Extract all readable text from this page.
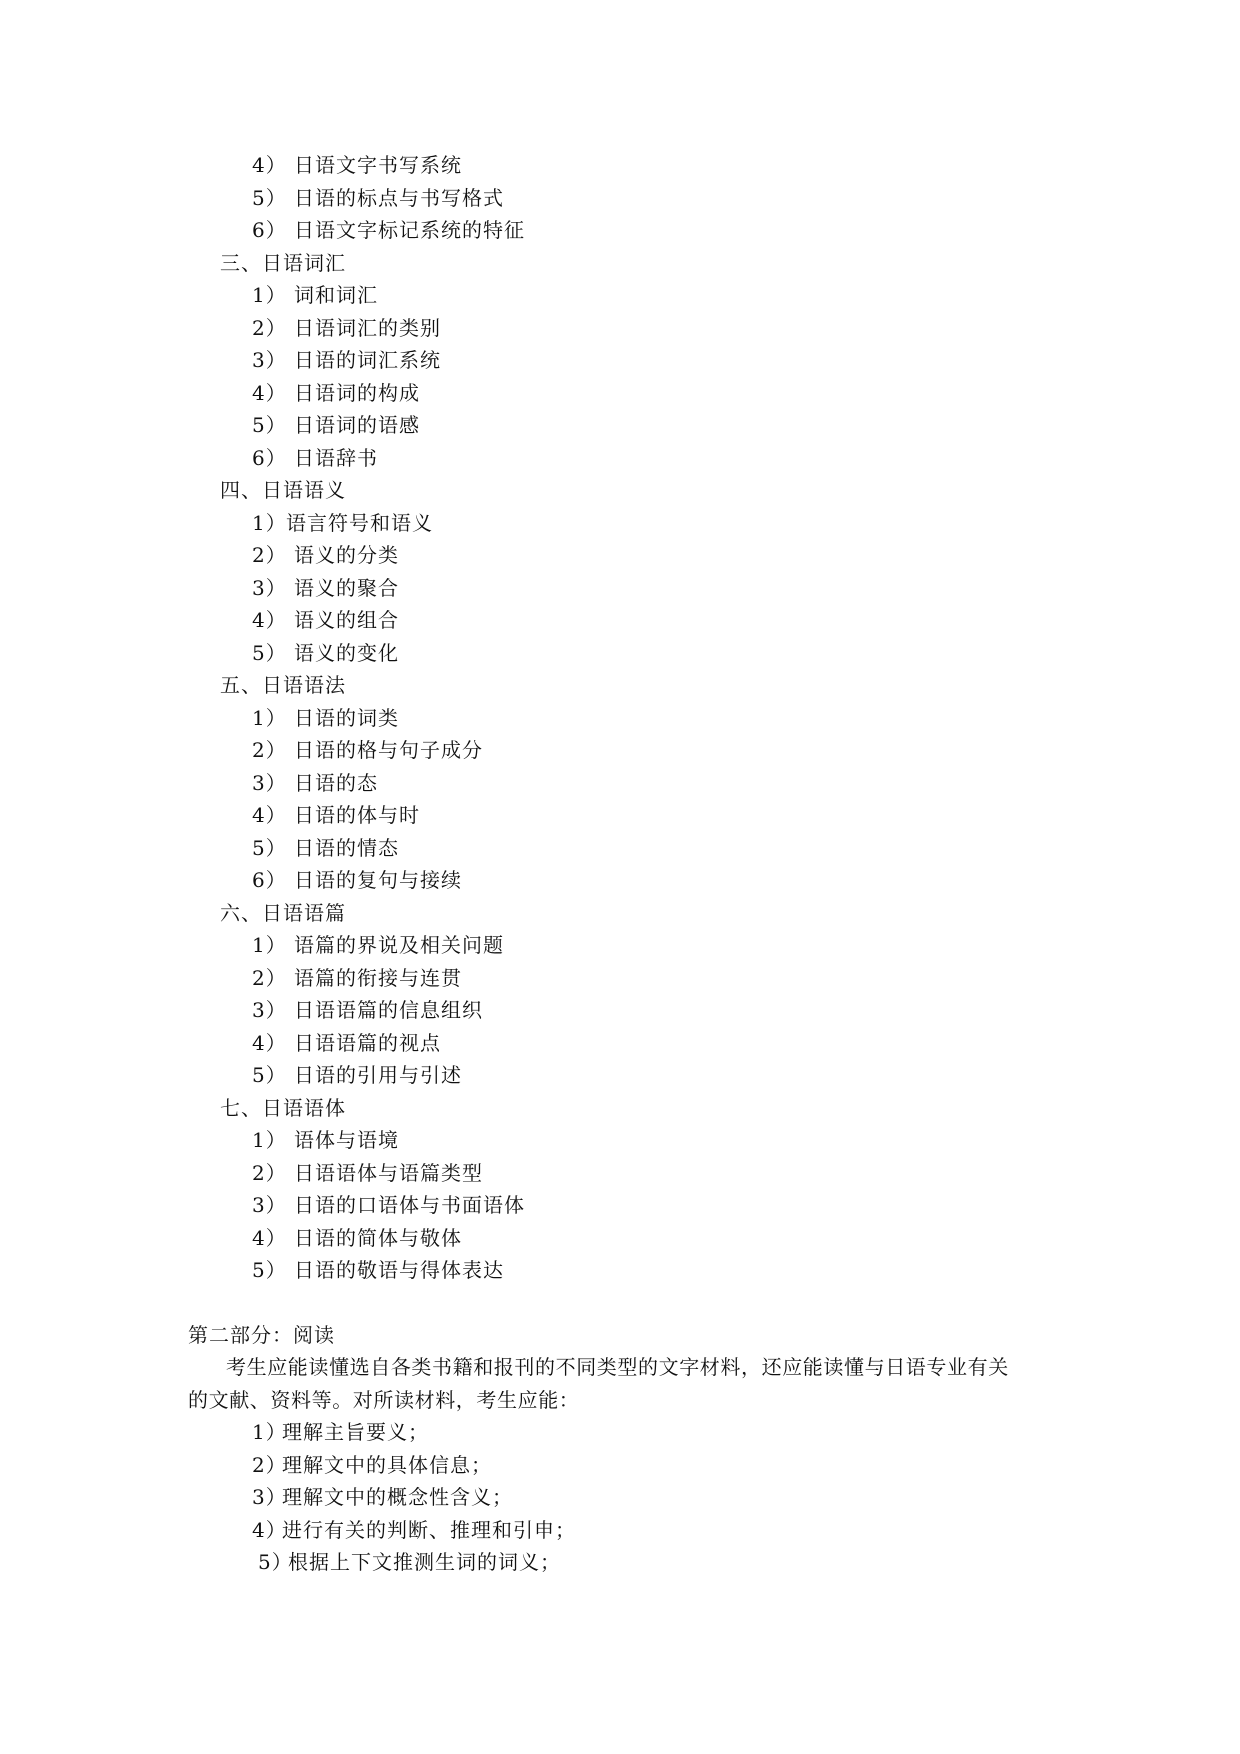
4） 日语文字书写系统
5） 日语的标点与书写格式
6） 日语文字标记系统的特征
三、日语词汇
1） 词和词汇
2） 日语词汇的类别
3） 日语的词汇系统
4） 日语词的构成
5） 日语词的语感
6） 日语辞书
四、日语语义
1）语言符号和语义
2） 语义的分类
3） 语义的聚合
4） 语义的组合
5） 语义的变化
五、日语语法
1） 日语的词类
2） 日语的格与句子成分
3） 日语的态
4） 日语的体与时
5） 日语的情态
6） 日语的复句与接续
六、日语语篇
1） 语篇的界说及相关问题
2） 语篇的衔接与连贯
3） 日语语篇的信息组织
4） 日语语篇的视点
5） 日语的引用与引述
七、日语语体
1） 语体与语境
2） 日语语体与语篇类型
3） 日语的口语体与书面语体
4） 日语的简体与敬体
5） 日语的敬语与得体表达
第二部分：阅读
考生应能读懂选自各类书籍和报刊的不同类型的文字材料，还应能读懂与日语专业有关
的文献、资料等。对所读材料，考生应能：
1）理解主旨要义；
2）理解文中的具体信息；
3）理解文中的概念性含义；
4）进行有关的判断、推理和引申；
5）根据上下文推测生词的词义；
